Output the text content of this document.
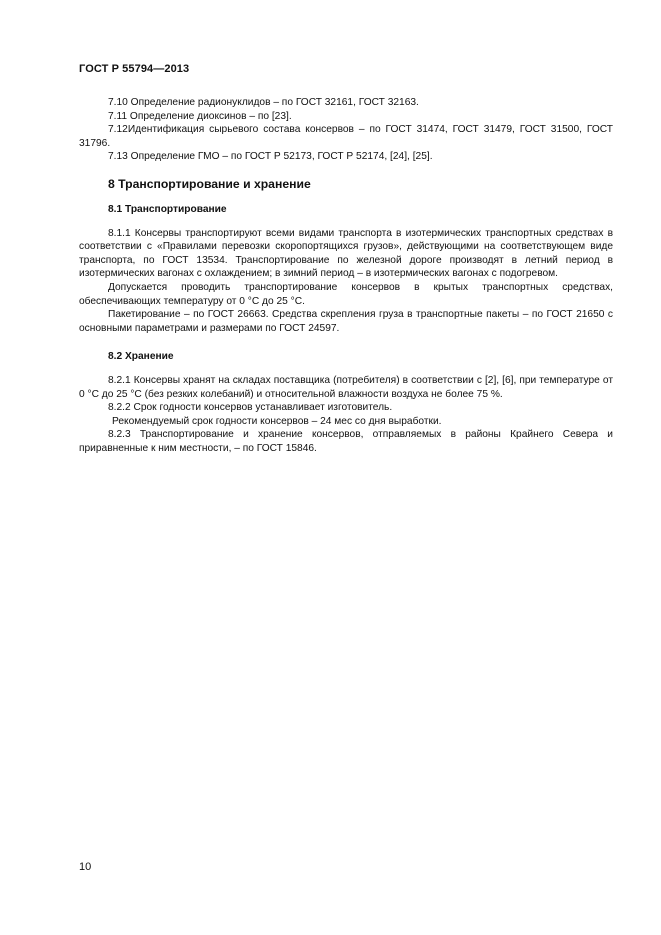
ГОСТ Р 55794—2013

7.10 Определение радионуклидов – по ГОСТ 32161, ГОСТ 32163.

7.11 Определение диоксинов – по [23].

7.12Идентификация сырьевого состава консервов – по ГОСТ 31474, ГОСТ 31479, ГОСТ 31500, ГОСТ 31796.

7.13 Определение ГМО – по ГОСТ Р 52173, ГОСТ Р 52174, [24], [25].

8 Транспортирование и хранение
8.1 Транспортирование

8.1.1 Консервы транспортируют всеми видами транспорта в изотермических транспортных средствах в соответствии с «Правилами перевозки скоропортящихся грузов», действующими на соответствующем виде транспорта, по ГОСТ 13534. Транспортирование по железной дороге производят в летний период в изотермических вагонах с охлаждением; в зимний период – в изотермических вагонах с подогревом.

Допускается проводить транспортирование консервов в крытых транспортных средствах, обеспечивающих температуру от 0 °С до 25 °С.

Пакетирование – по ГОСТ 26663. Средства скрепления груза в транспортные пакеты – по ГОСТ 21650 с основными параметрами и размерами по ГОСТ 24597.

8.2 Хранение

8.2.1 Консервы хранят на складах поставщика (потребителя) в соответствии с [2], [6], при температуре от 0 °С до 25 °С (без резких колебаний) и относительной влажности воздуха не более 75 %.

8.2.2 Срок годности консервов устанавливает изготовитель.

Рекомендуемый срок годности консервов – 24 мес со дня выработки.

8.2.3 Транспортирование и хранение консервов, отправляемых в районы Крайнего Севера и приравненные к ним местности, – по ГОСТ 15846.

10
